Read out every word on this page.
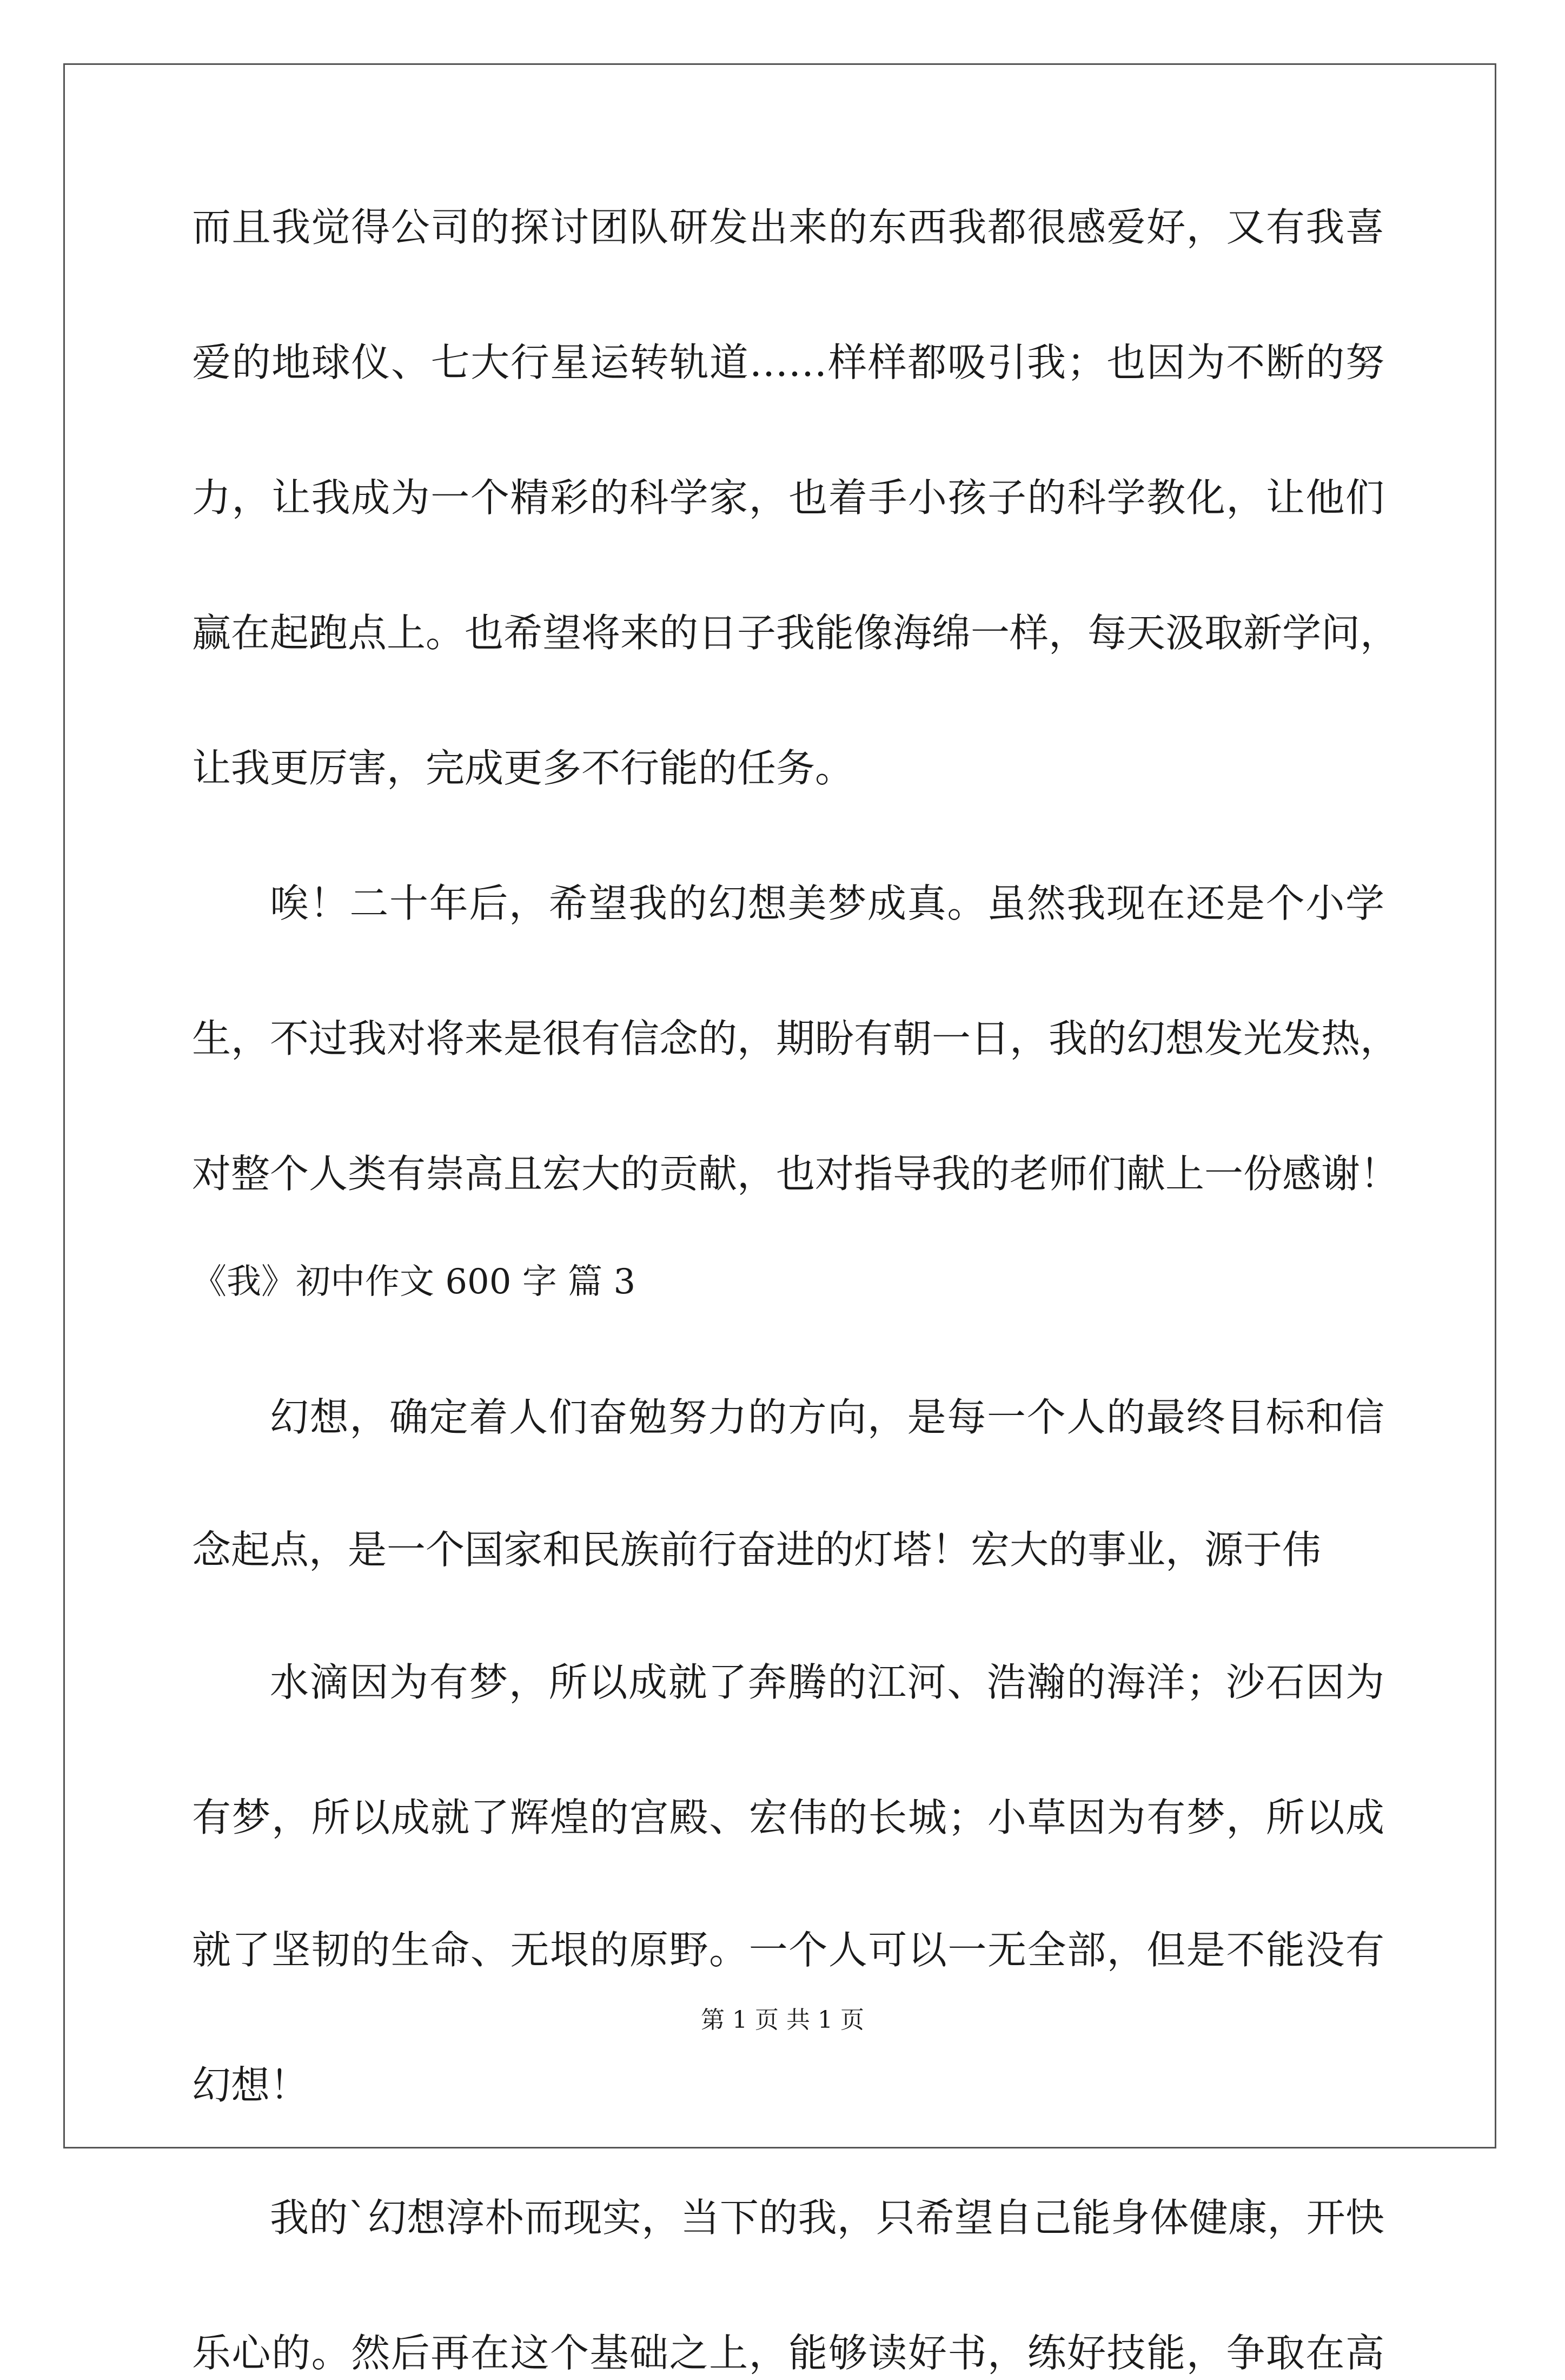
而且我觉得公司的探讨团队研发出来的东西我都很感爱好，又有我喜
爱的地球仪、七大行星运转轨道……样样都吸引我；也因为不断的努
力，让我成为一个精彩的科学家，也着手小孩子的科学教化，让他们
赢在起跑点上。也希望将来的日子我能像海绵一样，每天汲取新学问，
让我更厉害，完成更多不行能的任务。
唉！二十年后，希望我的幻想美梦成真。虽然我现在还是个小学
生，不过我对将来是很有信念的，期盼有朝一日，我的幻想发光发热，
对整个人类有崇高且宏大的贡献，也对指导我的老师们献上一份感谢！
《我》初中作文 600 字 篇 3
幻想，确定着人们奋勉努力的方向，是每一个人的最终目标和信
念起点，是一个国家和民族前行奋进的灯塔！宏大的事业，源于伟
水滴因为有梦，所以成就了奔腾的江河、浩瀚的海洋；沙石因为
有梦，所以成就了辉煌的宫殿、宏伟的长城；小草因为有梦，所以成
就了坚韧的生命、无垠的原野。一个人可以一无全部，但是不能没有
幻想！
我的`幻想淳朴而现实，当下的我，只希望自己能身体健康，开快
乐心的。然后再在这个基础之上，能够读好书，练好技能，争取在高
第 1 页 共 1 页
